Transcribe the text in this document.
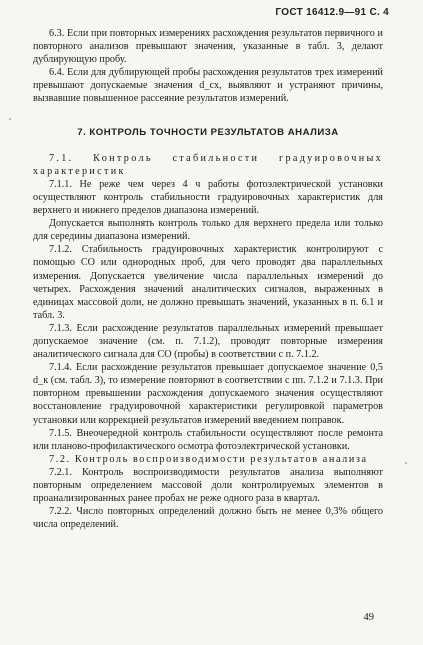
ГОСТ 16412.9—91 С. 4

6.3. Если при повторных измерениях расхождения результатов первичного и повторного анализов превышают значения, указанные в табл. 3, делают дублирующую пробу.

6.4. Если для дублирующей пробы расхождения результатов трех измерений превышают допускаемые значения d_cx, выявляют и устраняют причины, вызвавшие повышенное рассеяние результатов измерений.

7. КОНТРОЛЬ ТОЧНОСТИ РЕЗУЛЬТАТОВ АНАЛИЗА

7.1. Контроль стабильности градуировочных характеристик

7.1.1. Не реже чем через 4 ч работы фотоэлектрической установки осуществляют контроль стабильности градуировочных характеристик для верхнего и нижнего пределов диапазона измерений.

Допускается выполнять контроль только для верхнего предела или только для середины диапазона измерений.

7.1.2. Стабильность градуировочных характеристик контролируют с помощью СО или однородных проб, для чего проводят два параллельных измерения. Допускается увеличение числа параллельных измерений до четырех. Расхождения значений аналитических сигналов, выраженных в единицах массовой доли, не должно превышать значений, указанных в п. 6.1 и табл. 3.

7.1.3. Если расхождение результатов параллельных измерений превышает допускаемое значение (см. п. 7.1.2), проводят повторные измерения аналитического сигнала для СО (пробы) в соответствии с п. 7.1.2.

7.1.4. Если расхождение результатов превышает допускаемое значение 0,5 d_к (см. табл. 3), то измерение повторяют в соответствии с пп. 7.1.2 и 7.1.3. При повторном превышении расхождения допускаемого значения осуществляют восстановление градуировочной характеристики регулировкой параметров установки или коррекцией результатов измерений введением поправок.

7.1.5. Внеочередной контроль стабильности осуществляют после ремонта или планово-профилактического осмотра фотоэлектрической установки.

7.2. Контроль воспроизводимости результатов анализа

7.2.1. Контроль воспроизводимости результатов анализа выполняют повторным определением массовой доли контролируемых элементов в проанализированных ранее пробах не реже одного раза в квартал.

7.2.2. Число повторных определений должно быть не менее 0,3% общего числа определений.

49
